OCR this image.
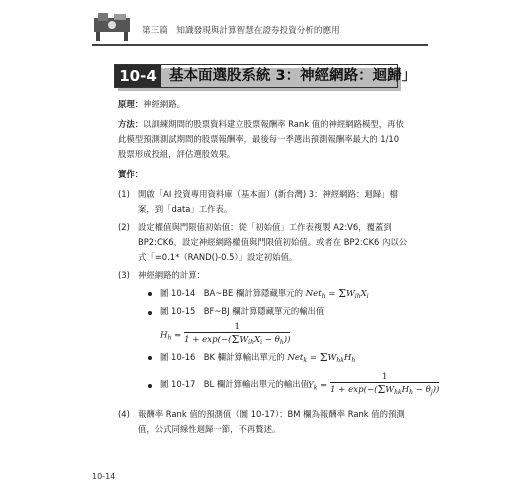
第三篇　知識發現與計算智慧在證券投資分析的應用
10-4 基本面選股系統 3：神經網路：迴歸」
原理：神經網路。
方法：以訓練期間的股票資料建立股票報酬率 Rank 值的神經網路模型，再依
此模型預測測試期間的股票報酬率，最後每一季選出預測報酬率最大的 1/10
股票形成投組，評估選股效果。
實作：
(1) 開啟「AI 投資專用資料庫（基本面）(新台灣) 3：神經網路：迴歸」檔
案，到「data」工作表。
(2) 設定權值與門限值初始值：從「初始值」工作表複製 A2:V6，覆蓋到
BP2:CK6，設定神經網路權值與門限值初始值。或者在 BP2:CK6 內以公
式「=0.1*（RAND()-0.5）」設定初始值。
(3) 神經網路的計算：
圖 10-14　BA~BE 欄計算隱藏單元的 $Net_h = \Sigma W_{ih}X_i$
圖 10-15　BF~BJ 欄計算隱藏單元的輸出值
$H_h = \frac{1}{1 + \exp(-(\Sigma W_{ih}X_i - \theta_h))}$
圖 10-16　BK 欄計算輸出單元的 $Net_k = \Sigma W_{hk}H_h$
圖 10-17　BL 欄計算輸出單元的輸出值 $Y_k = \frac{1}{1 + \exp(-(\Sigma W_{hk}H_h - \theta_j))}$
(4) 報酬率 Rank 值的預測值（圖 10-17）：BM 欄為報酬率 Rank 值的預測
值，公式同線性迴歸一節，不再贅述。
10-14
